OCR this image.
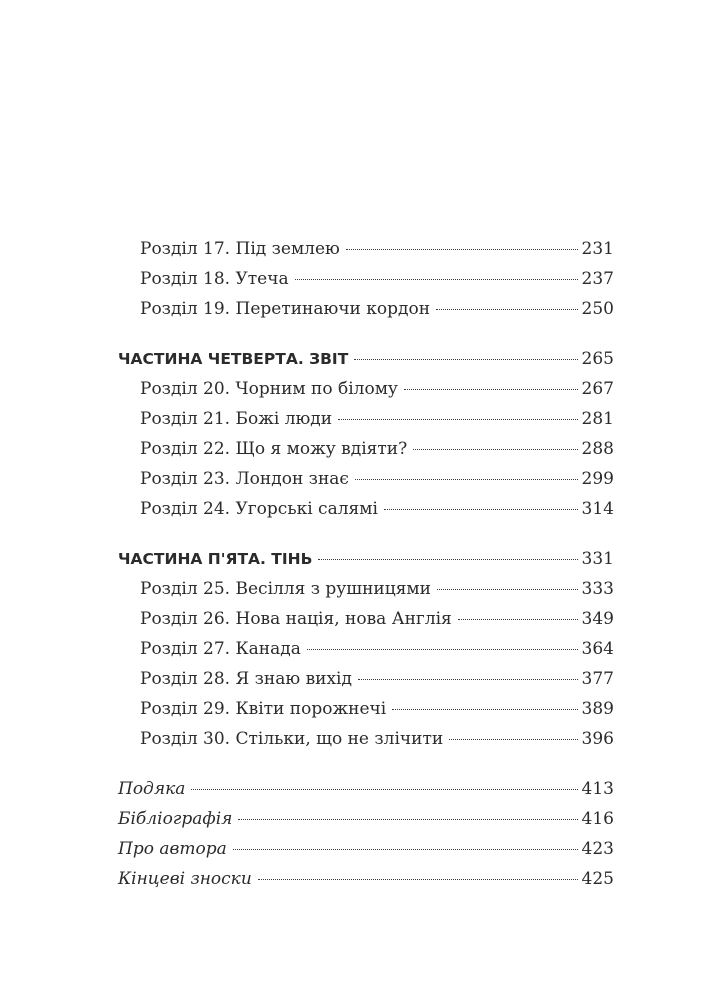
Розділ 17. Під землею	231
Розділ 18. Утеча	237
Розділ 19. Перетинаючи кордон	250
ЧАСТИНА ЧЕТВЕРТА. ЗВІТ	265
Розділ 20. Чорним по білому	267
Розділ 21. Божі люди	281
Розділ 22. Що я можу вдіяти?	288
Розділ 23. Лондон знає	299
Розділ 24. Угорські салямі	314
ЧАСТИНА П'ЯТА. ТІНЬ	331
Розділ 25. Весілля з рушницями	333
Розділ 26. Нова нація, нова Англія	349
Розділ 27. Канада	364
Розділ 28. Я знаю вихід	377
Розділ 29. Квіти порожнечі	389
Розділ 30. Стільки, що не злічити	396
Подяка	413
Бібліографія	416
Про автора	423
Кінцеві зноски	425
